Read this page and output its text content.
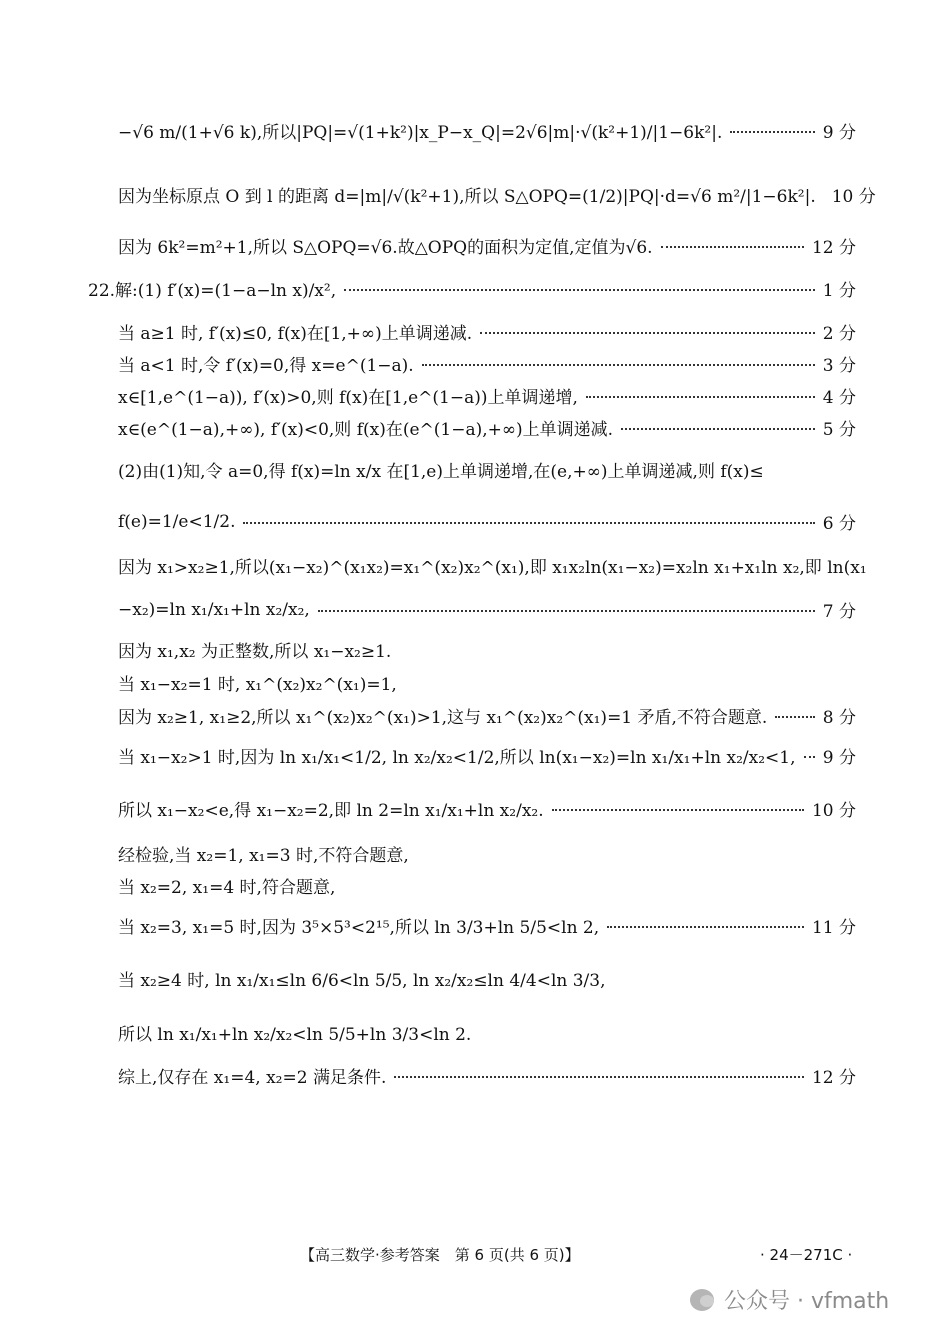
−√6 m/(1+√6 k),所以|PQ|=√(1+k²)|x_P−x_Q|=2√6|m|·√(k²+1)/|1−6k²|.	9 分
因为坐标原点 O 到 l 的距离 d=|m|/√(k²+1),所以 S△OPQ=(1/2)|PQ|·d=√6 m²/|1−6k²|. 10 分
因为 6k²=m²+1,所以 S△OPQ=√6.故△OPQ的面积为定值,定值为√6.	12 分
22.解:(1) f′(x)=(1−a−ln x)/x²,	1 分
当 a≥1 时, f′(x)≤0, f(x)在[1,+∞)上单调递减.	2 分
当 a<1 时,令 f′(x)=0,得 x=e^(1−a).	3 分
x∈[1,e^(1−a)), f′(x)>0,则 f(x)在[1,e^(1−a))上单调递增,	4 分
x∈(e^(1−a),+∞), f′(x)<0,则 f(x)在(e^(1−a),+∞)上单调递减.	5 分
(2)由(1)知,令 a=0,得 f(x)=ln x/x 在[1,e)上单调递增,在(e,+∞)上单调递减,则 f(x)≤
f(e)=1/e<1/2.	6 分
因为 x₁>x₂≥1,所以(x₁−x₂)^(x₁x₂)=x₁^(x₂)x₂^(x₁),即 x₁x₂ln(x₁−x₂)=x₂ln x₁+x₁ln x₂,即 ln(x₁
−x₂)=ln x₁/x₁+ln x₂/x₂,	7 分
因为 x₁,x₂ 为正整数,所以 x₁−x₂≥1.
当 x₁−x₂=1 时, x₁^(x₂)x₂^(x₁)=1,
因为 x₂≥1, x₁≥2,所以 x₁^(x₂)x₂^(x₁)>1,这与 x₁^(x₂)x₂^(x₁)=1 矛盾,不符合题意.	8 分
当 x₁−x₂>1 时,因为 ln x₁/x₁<1/2, ln x₂/x₂<1/2,所以 ln(x₁−x₂)=ln x₁/x₁+ln x₂/x₂<1, 9 分
所以 x₁−x₂<e,得 x₁−x₂=2,即 ln 2=ln x₁/x₁+ln x₂/x₂.	10 分
经检验,当 x₂=1, x₁=3 时,不符合题意,
当 x₂=2, x₁=4 时,符合题意,
当 x₂=3, x₁=5 时,因为 3⁵×5³<2¹⁵,所以 ln 3/3+ln 5/5<ln 2,	11 分
当 x₂≥4 时, ln x₁/x₁≤ln 6/6<ln 5/5, ln x₂/x₂≤ln 4/4<ln 3/3,
所以 ln x₁/x₁+ln x₂/x₂<ln 5/5+ln 3/3<ln 2.
综上,仅存在 x₁=4, x₂=2 满足条件.	12 分
【高三数学·参考答案　第 6 页(共 6 页)】	· 24－271C ·
公众号 · vfmath
